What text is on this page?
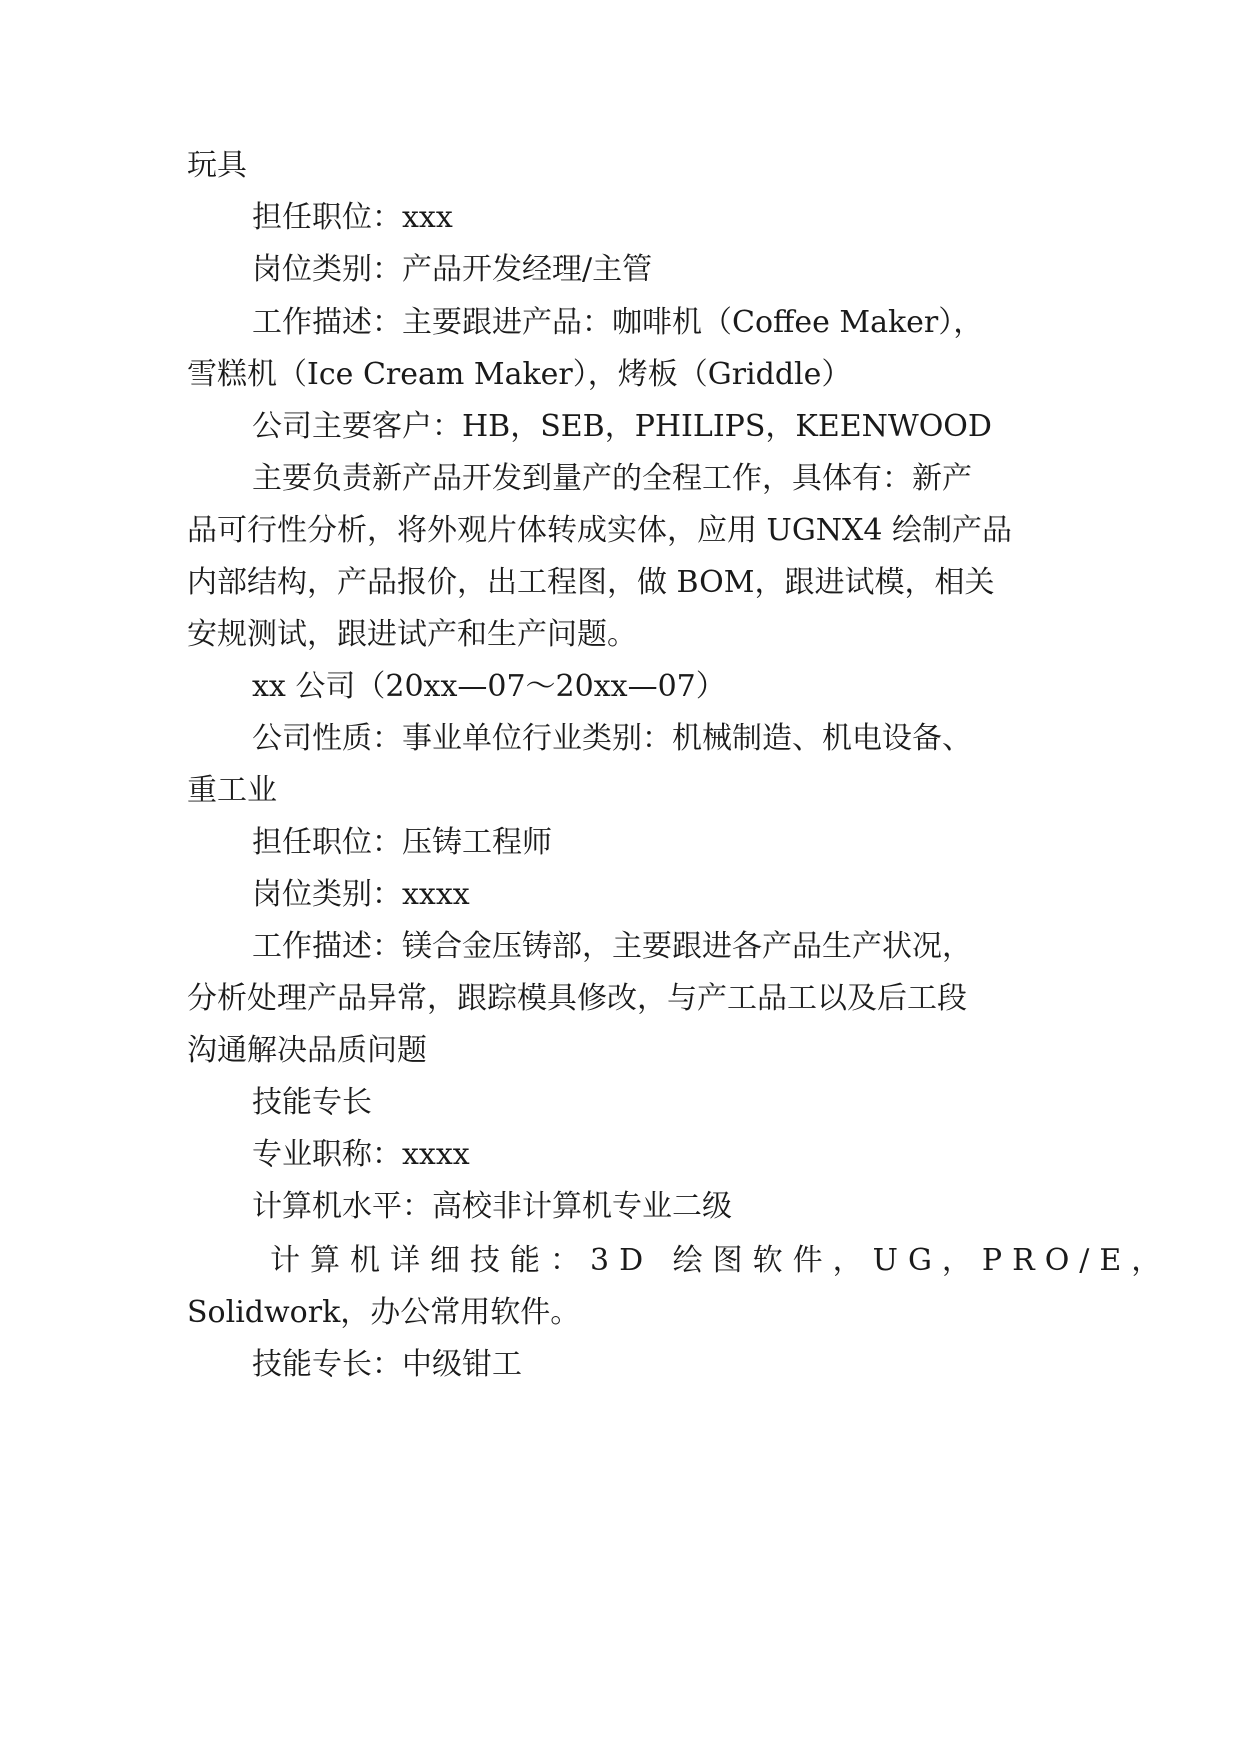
玩具
担任职位：xxx
岗位类别：产品开发经理/主管
工作描述：主要跟进产品：咖啡机（Coffee Maker），
雪糕机（Ice Cream Maker），烤板（Griddle）
公司主要客户：HB，SEB，PHILIPS，KEENWOOD
主要负责新产品开发到量产的全程工作，具体有：新产
品可行性分析，将外观片体转成实体，应用 UGNX4 绘制产品
内部结构，产品报价，出工程图，做 BOM，跟进试模，相关
安规测试，跟进试产和生产问题。
xx 公司（20xx—07～20xx—07）
公司性质：事业单位行业类别：机械制造、机电设备、
重工业
担任职位：压铸工程师
岗位类别：xxxx
工作描述：镁合金压铸部，主要跟进各产品生产状况，
分析处理产品异常，跟踪模具修改，与产工品工以及后工段
沟通解决品质问题
技能专长
专业职称：xxxx
计算机水平：高校非计算机专业二级
计算机详细技能：3D 绘图软件，UG，PRO/E，
Solidwork，办公常用软件。
技能专长：中级钳工
